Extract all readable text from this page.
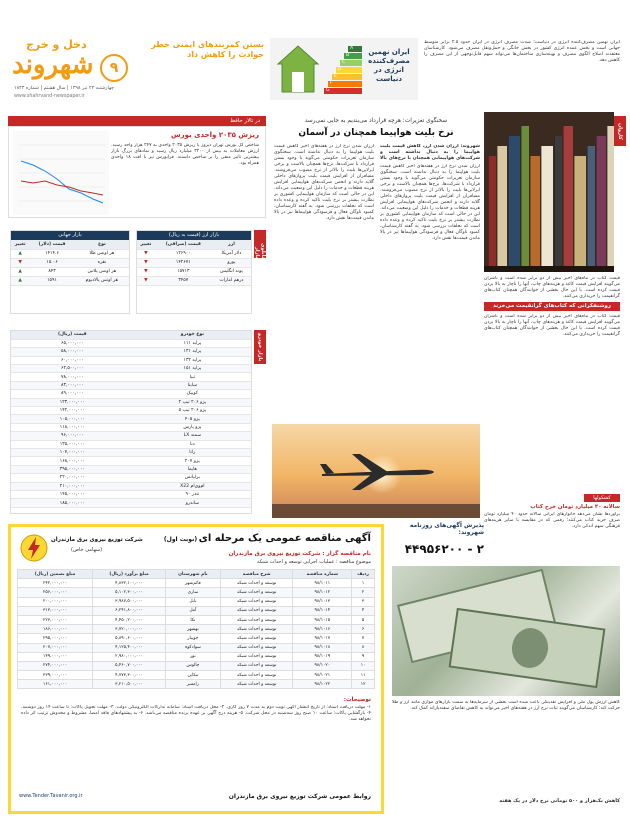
۹
دخل و خرج
شهروند
چهارشنبه ۲۴ تیر ۱۳۹۸ | سال هشتم | شماره ۱۸۴۳
www.shahrvand-newspaper.ir
بستن کمربندهای ایمنی خطر حوادث را کاهش داد
A
B
C
D
E
F
G
ایران نهمین مصرف‌کننده انرژی در دنیاست
ایران نهمین مصرف‌کننده انرژی در دنیاست؛ شدت مصرف انرژی در ایران حدود ۲.۵ برابر متوسط جهانی است و بخش عمده انرژی کشور در بخش خانگی و حمل‌ونقل مصرف می‌شود. کارشناسان معتقدند اصلاح الگوی مصرف و بهینه‌سازی ساختمان‌ها می‌تواند سهم قابل‌توجهی از این مصرف را کاهش دهد.
در تالار حافظ
ریزش ۲۰۳۵ واحدی بورس
شاخص کل بورس تهران دیروز با ریزش ۲۰۳۵ واحدی به ۲۴۷ هزار واحد رسید. ارزش معاملات به بیش از ۳۲۰۰ میلیارد ریال رسید و نمادهای بزرگ بازار بیشترین تاثیر منفی را بر شاخص داشتند. فرابورس نیز با افت ۱۸ واحدی همراه بود.
تابلوی بازار
بازار ارز (قیمت به ریال)
ارز	قیمت (صرافی)	تغییر
دلار آمریکا	۱۲۶۹۰۰	▼
یورو	۱۴۲۶۷۱	▼
پوند انگلیس	۱۵۷۱۳	▼
درهم امارات	۳۴۵۷	▼
بازار جهانی
نوع	قیمت (دلار)	تغییر
هر اونس طلا	۱۴۱۴.۶	▲
نقره	۱۵.۰۶	▼
هر اونس پلاتین	۸۴۳	▲
هر اونس پالادیوم	۱۵۹۱	▲
بازار خودرو
نوع خودرو	قیمت (ریال)
پراید ۱۱۱	۶۵,۰۰۰,۰۰۰
پراید ۱۳۱	۵۸,۰۰۰,۰۰۰
پراید ۱۳۲	۶۰,۰۰۰,۰۰۰
پراید ۱۵۱	۶۲,۵۰۰,۰۰۰
تیبا	۷۸,۰۰۰,۰۰۰
ساینا	۸۳,۰۰۰,۰۰۰
کوییک	۸۹,۰۰۰,۰۰۰
پژو ۲۰۶ تیپ ۲	۱۲۳,۰۰۰,۰۰۰
پژو ۲۰۶ تیپ ۵	۱۴۲,۰۰۰,۰۰۰
پژو ۴۰۵	۱۰۵,۰۰۰,۰۰۰
پژو پارس	۱۱۸,۰۰۰,۰۰۰
سمند LX	۹۶,۰۰۰,۰۰۰
دنا	۱۳۵,۰۰۰,۰۰۰
رانا	۱۰۷,۰۰۰,۰۰۰
پژو ۲۰۷	۱۶۸,۰۰۰,۰۰۰
هایما	۳۹۵,۰۰۰,۰۰۰
برلیانس	۲۲۰,۰۰۰,۰۰۰
ام‌وی‌ام X22	۲۱۰,۰۰۰,۰۰۰
تندر ۹۰	۱۴۵,۰۰۰,۰۰۰
ساندرو	۱۸۵,۰۰۰,۰۰۰
سخنگوی تعزیرات: هرچه قرارداد می‌بندیم به جایی نمی‌رسد
نرخ بلیت هواپیما همچنان در آسمان
شهروند: ارزان شدن ارز، کاهش قیمت بلیت هواپیما را به دنبال نداشته است و شرکت‌های هواپیمایی همچنان با نرخ‌های بالا
ارزان شدن نرخ ارز در هفته‌های اخیر کاهش قیمت بلیت هواپیما را به دنبال نداشته است. سخنگوی سازمان تعزیرات حکومتی می‌گوید با وجود بستن قرارداد با شرکت‌ها، نرخ‌ها همچنان بالاست و برخی ایرلاین‌ها بلیت را بالاتر از نرخ مصوب می‌فروشند. مسافران از افزایش قیمت بلیت پروازهای داخلی گلایه دارند و انجمن شرکت‌های هواپیمایی افزایش هزینه قطعات و خدمات را دلیل این وضعیت می‌داند. این در حالی است که سازمان هواپیمایی کشوری بر نظارت بیشتر بر نرخ بلیت تاکید کرده و وعده داده است که تخلفات بررسی شود. به گفته کارشناسان، کمبود ناوگان فعال و فرسودگی هواپیماها نیز در بالا ماندن قیمت‌ها نقش دارد.
ارزان شدن نرخ ارز در هفته‌های اخیر کاهش قیمت بلیت هواپیما را به دنبال نداشته است. سخنگوی سازمان تعزیرات حکومتی می‌گوید با وجود بستن قرارداد با شرکت‌ها، نرخ‌ها همچنان بالاست و برخی ایرلاین‌ها بلیت را بالاتر از نرخ مصوب می‌فروشند. مسافران از افزایش قیمت بلیت پروازهای داخلی گلایه دارند و انجمن شرکت‌های هواپیمایی افزایش هزینه قطعات و خدمات را دلیل این وضعیت می‌داند. این در حالی است که سازمان هواپیمایی کشوری بر نظارت بیشتر بر نرخ بلیت تاکید کرده و وعده داده است که تخلفات بررسی شود. به گفته کارشناسان، کمبود ناوگان فعال و فرسودگی هواپیماها نیز در بالا ماندن قیمت‌ها نقش دارد.
کاروان
قیمت کتاب در ماه‌های اخیر بیش از دو برابر شده است و ناشران می‌گویند افزایش قیمت کاغذ و هزینه‌های چاپ، آنها را ناچار به بالا بردن قیمت کرده است. با این حال بخشی از خوانندگان همچنان کتاب‌های گرانقیمت را خریداری می‌کنند.
روشنفکرانی که کتاب‌های گرانقیمت می‌خرند
قیمت کتاب در ماه‌های اخیر بیش از دو برابر شده است و ناشران می‌گویند افزایش قیمت کاغذ و هزینه‌های چاپ، آنها را ناچار به بالا بردن قیمت کرده است. با این حال بخشی از خوانندگان همچنان کتاب‌های گرانقیمت را خریداری می‌کنند.
کشکولها
سالانه ۴۰ میلیارد تومان خرج کتاب
برآوردها نشان می‌دهد خانوارهای ایرانی سالانه حدود ۴۰ میلیارد تومان صرف خرید کتاب می‌کنند؛ رقمی که در مقایسه با سایر هزینه‌های فرهنگی سهم اندکی دارد.
پذیرش آگهی‌های روزنامه شهروند:
۲ - ۴۴۹۵۶۲۰۰
کاهش ارزش پول ملی و افزایش نقدینگی باعث شده است بخشی از سرمایه‌ها به سمت بازارهای موازی مانند ارز و طلا حرکت کند؛ کارشناسان می‌گویند ثبات نرخ ارز در هفته‌های اخیر می‌تواند به کاهش تقاضای سفته‌بازانه کمک کند.
کاهش یک‌هزار و ۵۰۰ تومانی نرخ دلار در یک هفته
شرکت توزیع نیروی برق مازندران
(سهامی خاص)
آگهی مناقصه عمومی یک مرحله ای (نوبت اول)
نام مناقصه گزار : شرکت توزیع نیروی برق مازندران
موضوع مناقصه : عملیات اجرایی توسعه و احداث شبکه
ردیف	شماره مناقصه	شرح مناقصه	نام شهرستان	مبلغ برآورد (ریال)	مبلغ تضمین (ریال)
۱	۹۸/۱۰۱۱	توسعه و احداث شبکه	قائم‌شهر	۴,۸۳۲,۱۰۰,۰۰۰	۲۴۲,۰۰۰,۰۰۰
۲	۹۸/۱۰۱۲	توسعه و احداث شبکه	ساری	۵,۱۰۲,۳۰۰,۰۰۰	۲۵۶,۰۰۰,۰۰۰
۳	۹۸/۱۰۱۳	توسعه و احداث شبکه	بابل	۳,۹۸۷,۵۰۰,۰۰۰	۲۰۰,۰۰۰,۰۰۰
۴	۹۸/۱۰۱۴	توسعه و احداث شبکه	آمل	۶,۲۴۱,۸۰۰,۰۰۰	۳۱۳,۰۰۰,۰۰۰
۵	۹۸/۱۰۱۵	توسعه و احداث شبکه	نکا	۴,۴۵۰,۲۰۰,۰۰۰	۲۲۳,۰۰۰,۰۰۰
۶	۹۸/۱۰۱۶	توسعه و احداث شبکه	بهشهر	۳,۷۲۰,۰۰۰,۰۰۰	۱۸۶,۰۰۰,۰۰۰
۷	۹۸/۱۰۱۷	توسعه و احداث شبکه	جویبار	۵,۸۹۰,۶۰۰,۰۰۰	۲۹۵,۰۰۰,۰۰۰
۸	۹۸/۱۰۱۸	توسعه و احداث شبکه	سوادکوه	۴,۱۲۵,۴۰۰,۰۰۰	۲۰۷,۰۰۰,۰۰۰
۹	۹۸/۱۰۱۹	توسعه و احداث شبکه	نور	۲,۹۸۰,۰۰۰,۰۰۰	۱۴۹,۰۰۰,۰۰۰
۱۰	۹۸/۱۰۲۰	توسعه و احداث شبکه	چالوس	۵,۴۶۰,۷۰۰,۰۰۰	۲۷۴,۰۰۰,۰۰۰
۱۱	۹۸/۱۰۲۱	توسعه و احداث شبکه	تنکابن	۴,۷۷۳,۳۰۰,۰۰۰	۲۳۹,۰۰۰,۰۰۰
۱۲	۹۸/۱۰۲۲	توسعه و احداث شبکه	رامسر	۳,۲۱۰,۵۰۰,۰۰۰	۱۶۱,۰۰۰,۰۰۰
توضیحات:
۱- مهلت دریافت اسناد: از تاریخ انتشار آگهی نوبت دوم به مدت ۷ روز کاری. ۲- محل دریافت اسناد: سامانه تدارکات الکترونیکی دولت. ۳- مهلت تحویل پاکات: تا ساعت ۱۴ روز دوشنبه. ۴- بازگشایی پاکات: ساعت ۱۰ صبح روز سه‌شنبه در محل شرکت. ۵- هزینه درج آگهی بر عهده برنده مناقصه می‌باشد. ۶- به پیشنهادهای فاقد امضا، مشروط و مخدوش ترتیب اثر داده نخواهد شد.
www.Tender.Tavanir.org.ir	روابط عمومی شرکت توزیع نیروی برق مازندران
